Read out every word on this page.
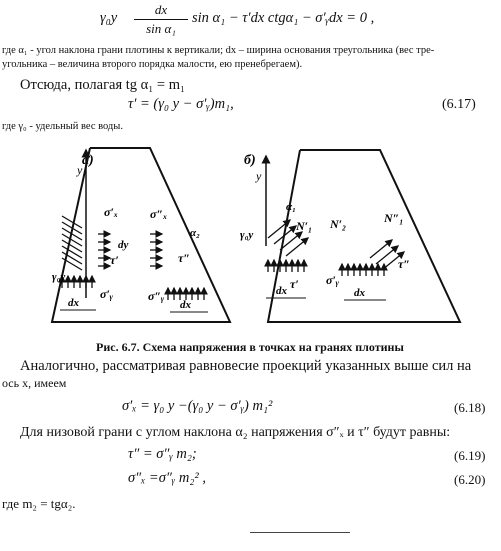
γ₀y
dx
sin α₁
sin α₁ − τ′dx ctgα₁ − σ′ᵧdx = 0 ,
где α₁ - угол наклона грани плотины к вертикали; dx – ширина основания треугольника (вес тре-
угольника – величина второго порядка малости, ею пренебрегаем).
Отсюда, полагая tg α₁ = m₁
τ′ = (γ₀ y − σ′ᵧ)m₁,	(6.17)
где γ₀ - удельный вес воды.
а)
y
σ′ₓ
dy
τ′
γ₀y
σ′ᵧ
dx
σ″ₓ
α₂
τ″
σ″ᵧ
dx
б)
y
α₁
γ₀y
N′₁ N′₂	N″₁
τ′
τ″
σ′ᵧ
dx	dx
Рис. 6.7. Схема напряжения в точках на гранях плотины
Аналогично, рассматривая равновесие проекций указанных выше сил на
ось x, имеем
σ′ₓ = γ₀ y −(γ₀ y − σ′ᵧ) m₁²	(6.18)
Для низовой грани с углом наклона α₂ напряжения σ″ₓ и τ″ будут равны:
τ″ = σ″ᵧ m₂;	(6.19)
σ″ₓ =σ″ᵧ m₂² ,	(6.20)
где m₂ = tgα₂.
